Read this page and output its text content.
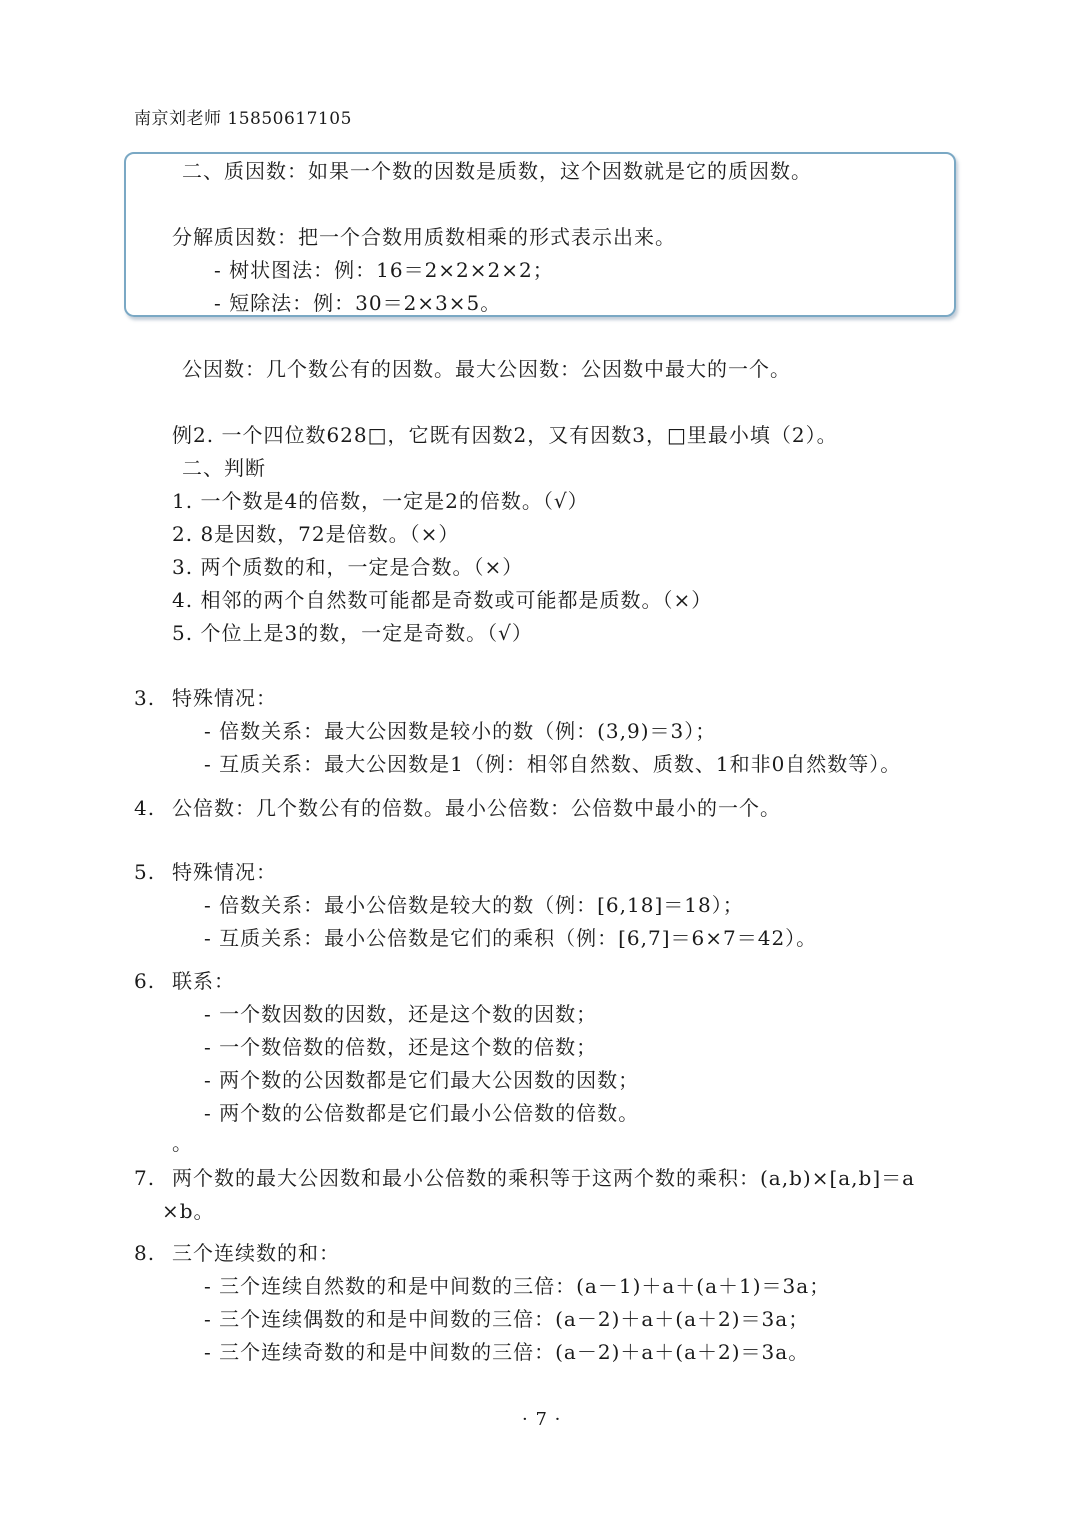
南京刘老师 15850617105
二、质因数：如果一个数的因数是质数，这个因数就是它的质因数。
分解质因数：把一个合数用质数相乘的形式表示出来。
- 树状图法：例：16＝2×2×2×2；
- 短除法：例：30＝2×3×5。
公因数：几个数公有的因数。最大公因数：公因数中最大的一个。
例2. 一个四位数628□，它既有因数2，又有因数3，□里最小填（2）。
二、判断
1. 一个数是4的倍数，一定是2的倍数。（√）
2. 8是因数，72是倍数。（×）
3. 两个质数的和，一定是合数。（×）
4. 相邻的两个自然数可能都是奇数或可能都是质数。（×）
5. 个位上是3的数，一定是奇数。（√）
3. 特殊情况：
- 倍数关系：最大公因数是较小的数（例：(3,9)＝3）；
- 互质关系：最大公因数是1（例：相邻自然数、质数、1和非0自然数等）。
4. 公倍数：几个数公有的倍数。最小公倍数：公倍数中最小的一个。
5. 特殊情况：
- 倍数关系：最小公倍数是较大的数（例：[6,18]＝18）；
- 互质关系：最小公倍数是它们的乘积（例：[6,7]＝6×7＝42）。
6. 联系：
- 一个数因数的因数，还是这个数的因数；
- 一个数倍数的倍数，还是这个数的倍数；
- 两个数的公因数都是它们最大公因数的因数；
- 两个数的公倍数都是它们最小公倍数的倍数。
。
7. 两个数的最大公因数和最小公倍数的乘积等于这两个数的乘积：(a,b)×[a,b]＝a
×b。
8. 三个连续数的和：
- 三个连续自然数的和是中间数的三倍：(a－1)＋a＋(a＋1)＝3a；
- 三个连续偶数的和是中间数的三倍：(a－2)＋a＋(a＋2)＝3a；
- 三个连续奇数的和是中间数的三倍：(a－2)＋a＋(a＋2)＝3a。
· 7 ·
